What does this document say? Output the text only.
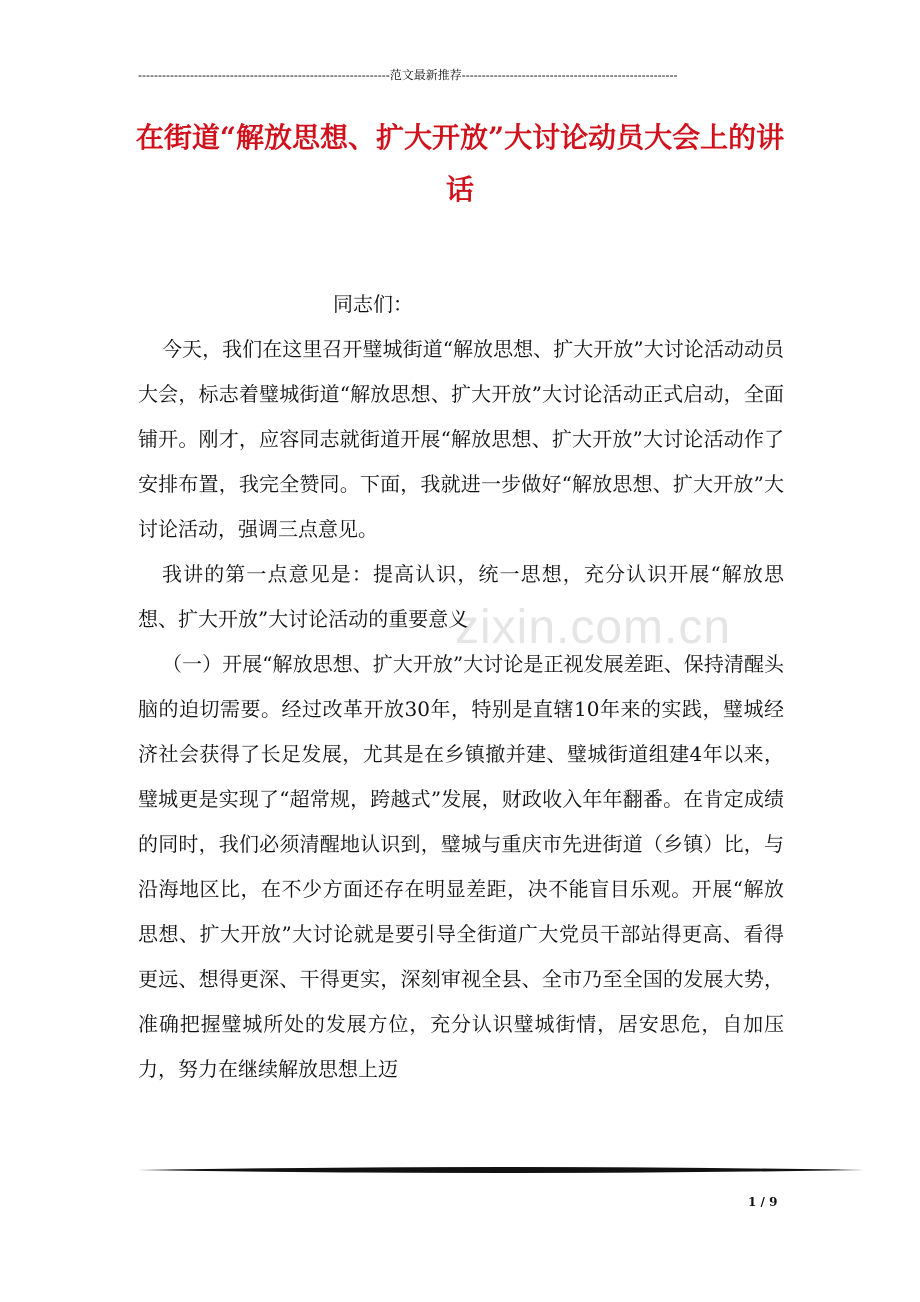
---------------------------------------------------------------范文最新推荐------------------------------------------------------
在街道“解放思想、扩大开放”大讨论动员大会上的讲话
zixin.com.cn

同志们：

今天，我们在这里召开璧城街道“解放思想、扩大开放”大讨论活动动员大会，标志着璧城街道“解放思想、扩大开放”大讨论活动正式启动，全面铺开。刚才，应容同志就街道开展“解放思想、扩大开放”大讨论活动作了安排布置，我完全赞同。下面，我就进一步做好“解放思想、扩大开放”大讨论活动，强调三点意见。

我讲的第一点意见是：提高认识，统一思想，充分认识开展“解放思想、扩大开放”大讨论活动的重要意义

（一）开展“解放思想、扩大开放”大讨论是正视发展差距、保持清醒头脑的迫切需要。经过改革开放30年，特别是直辖10年来的实践，璧城经济社会获得了长足发展，尤其是在乡镇撤并建、璧城街道组建4年以来，璧城更是实现了“超常规，跨越式”发展，财政收入年年翻番。在肯定成绩的同时，我们必须清醒地认识到，璧城与重庆市先进街道（乡镇）比，与沿海地区比，在不少方面还存在明显差距，决不能盲目乐观。开展“解放思想、扩大开放”大讨论就是要引导全街道广大党员干部站得更高、看得更远、想得更深、干得更实，深刻审视全县、全市乃至全国的发展大势，准确把握璧城所处的发展方位，充分认识璧城街情，居安思危，自加压力，努力在继续解放思想上迈

1 / 9
